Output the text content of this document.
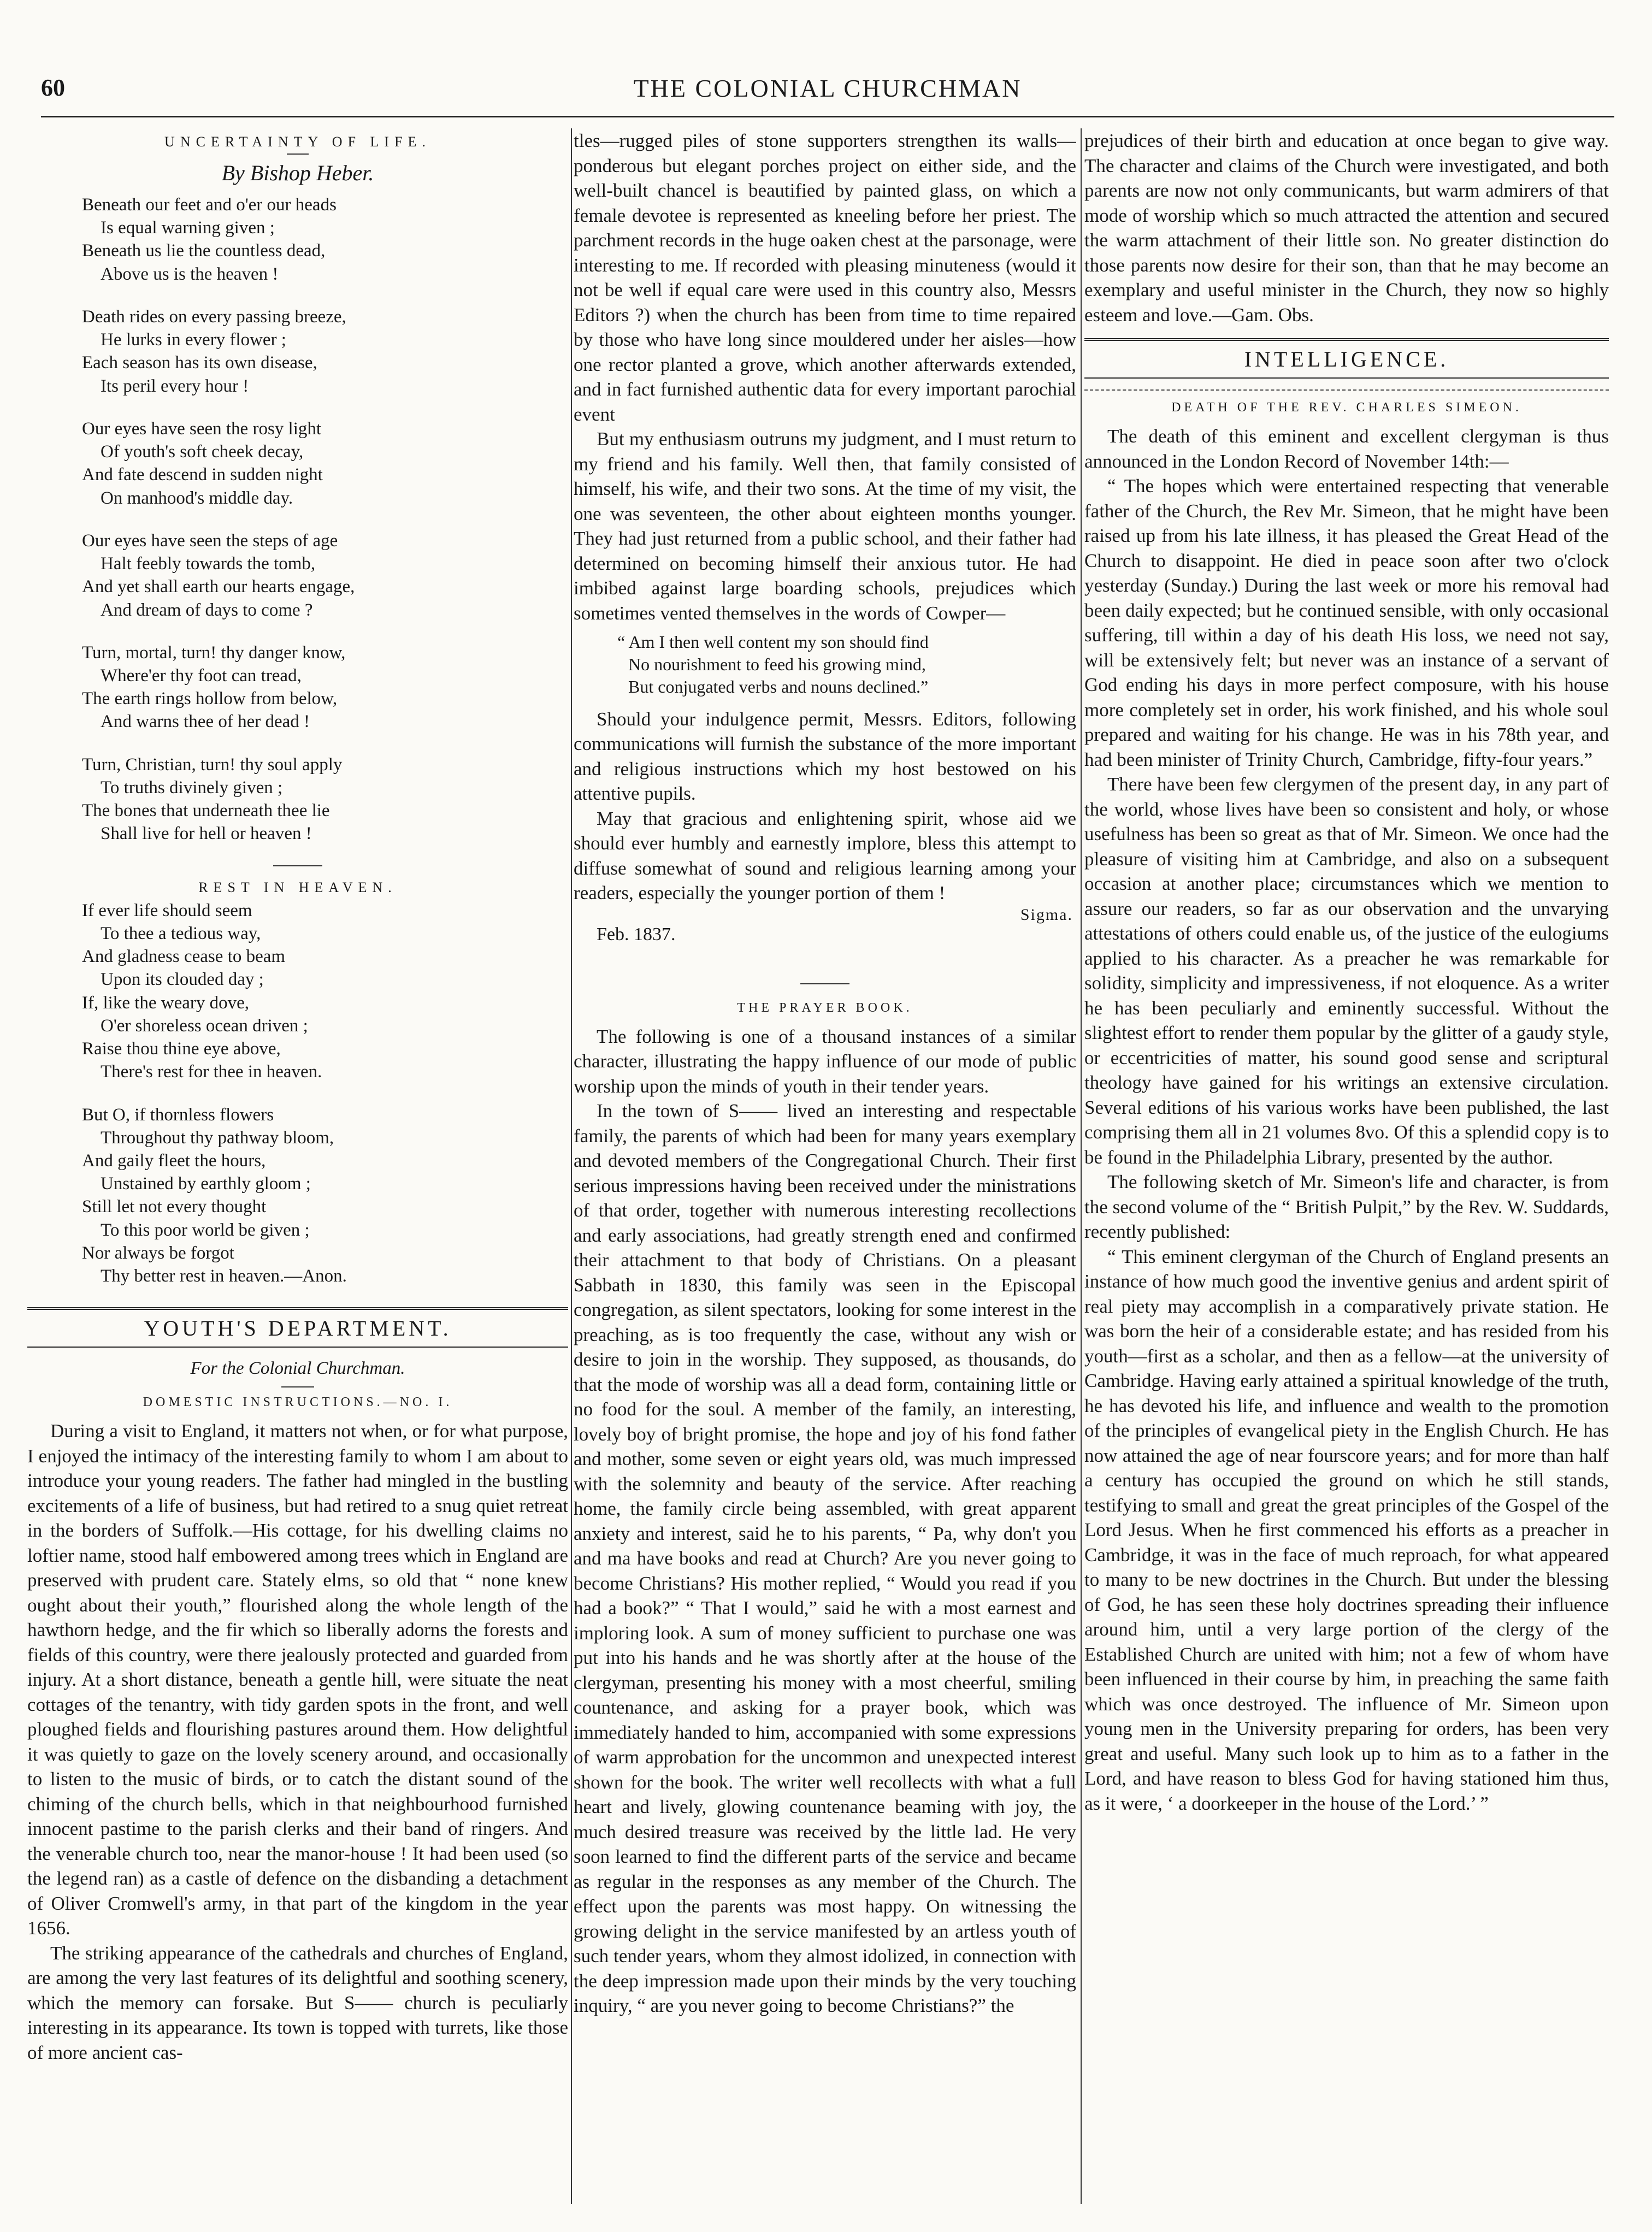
60	THE COLONIAL CHURCHMAN
UNCERTAINTY OF LIFE.
By Bishop Heber.
Beneath our feet and o'er our heads
Is equal warning given ;
Beneath us lie the countless dead,
Above us is the heaven !
Death rides on every passing breeze,
He lurks in every flower ;
Each season has its own disease,
Its peril every hour !
Our eyes have seen the rosy light
Of youth's soft cheek decay,
And fate descend in sudden night
On manhood's middle day.
Our eyes have seen the steps of age
Halt feebly towards the tomb,
And yet shall earth our hearts engage,
And dream of days to come ?
Turn, mortal, turn! thy danger know,
Where'er thy foot can tread,
The earth rings hollow from below,
And warns thee of her dead !
Turn, Christian, turn! thy soul apply
To truths divinely given ;
The bones that underneath thee lie
Shall live for hell or heaven !
REST IN HEAVEN.
If ever life should seem
To thee a tedious way,
And gladness cease to beam
Upon its clouded day ;
If, like the weary dove,
O'er shoreless ocean driven ;
Raise thou thine eye above,
There's rest for thee in heaven.
But O, if thornless flowers
Throughout thy pathway bloom,
And gaily fleet the hours,
Unstained by earthly gloom ;
Still let not every thought
To this poor world be given ;
Nor always be forgot
Thy better rest in heaven.—Anon.
YOUTH'S DEPARTMENT.
For the Colonial Churchman.
DOMESTIC INSTRUCTIONS.—NO. I.

During a visit to England, it matters not when, or for what purpose, I enjoyed the intimacy of the interesting family to whom I am about to introduce your young readers. The father had mingled in the bustling excitements of a life of business, but had retired to a snug quiet retreat in the borders of Suffolk.—His cottage, for his dwelling claims no loftier name, stood half embowered among trees which in England are preserved with prudent care. Stately elms, so old that “ none knew ought about their youth,” flourished along the whole length of the hawthorn hedge, and the fir which so liberally adorns the forests and fields of this country, were there jealously protected and guarded from injury. At a short distance, beneath a gentle hill, were situate the neat cottages of the tenantry, with tidy garden spots in the front, and well ploughed fields and flourishing pastures around them. How delightful it was quietly to gaze on the lovely scenery around, and occasionally to listen to the music of birds, or to catch the distant sound of the chiming of the church bells, which in that neighbourhood furnished innocent pastime to the parish clerks and their band of ringers. And the venerable church too, near the manor-house ! It had been used (so the legend ran) as a castle of defence on the disbanding a detachment of Oliver Cromwell's army, in that part of the kingdom in the year 1656.

The striking appearance of the cathedrals and churches of England, are among the very last features of its delightful and soothing scenery, which the memory can forsake. But S—— church is peculiarly interesting in its appearance. Its town is topped with turrets, like those of more ancient cas-

tles—rugged piles of stone supporters strengthen its walls—ponderous but elegant porches project on either side, and the well-built chancel is beautified by painted glass, on which a female devotee is represented as kneeling before her priest. The parchment records in the huge oaken chest at the parsonage, were interesting to me. If recorded with pleasing minuteness (would it not be well if equal care were used in this country also, Messrs Editors ?) when the church has been from time to time repaired by those who have long since mouldered under her aisles—how one rector planted a grove, which another afterwards extended, and in fact furnished authentic data for every important parochial event

But my enthusiasm outruns my judgment, and I must return to my friend and his family. Well then, that family consisted of himself, his wife, and their two sons. At the time of my visit, the one was seventeen, the other about eighteen months younger. They had just returned from a public school, and their father had determined on becoming himself their anxious tutor. He had imbibed against large boarding schools, prejudices which sometimes vented themselves in the words of Cowper—

“ Am I then well content my son should find
No nourishment to feed his growing mind,
But conjugated verbs and nouns declined.”

Should your indulgence permit, Messrs. Editors, following communications will furnish the substance of the more important and religious instructions which my host bestowed on his attentive pupils.

May that gracious and enlightening spirit, whose aid we should ever humbly and earnestly implore, bless this attempt to diffuse somewhat of sound and religious learning among your readers, especially the younger portion of them !

Sigma.
Feb. 1837.
THE PRAYER BOOK.

The following is one of a thousand instances of a similar character, illustrating the happy influence of our mode of public worship upon the minds of youth in their tender years.

In the town of S—— lived an interesting and respectable family, the parents of which had been for many years exemplary and devoted members of the Congregational Church. Their first serious impressions having been received under the ministrations of that order, together with numerous interesting recollections and early associations, had greatly strength ened and confirmed their attachment to that body of Christians. On a pleasant Sabbath in 1830, this family was seen in the Episcopal congregation, as silent spectators, looking for some interest in the preaching, as is too frequently the case, without any wish or desire to join in the worship. They supposed, as thousands, do that the mode of worship was all a dead form, containing little or no food for the soul. A member of the family, an interesting, lovely boy of bright promise, the hope and joy of his fond father and mother, some seven or eight years old, was much impressed with the solemnity and beauty of the service. After reaching home, the family circle being assembled, with great apparent anxiety and interest, said he to his parents, “ Pa, why don't you and ma have books and read at Church? Are you never going to become Christians? His mother replied, “ Would you read if you had a book?” “ That I would,” said he with a most earnest and imploring look. A sum of money sufficient to purchase one was put into his hands and he was shortly after at the house of the clergyman, presenting his money with a most cheerful, smiling countenance, and asking for a prayer book, which was immediately handed to him, accompanied with some expressions of warm approbation for the uncommon and unexpected interest shown for the book. The writer well recollects with what a full heart and lively, glowing countenance beaming with joy, the much desired treasure was received by the little lad. He very soon learned to find the different parts of the service and became as regular in the responses as any member of the Church. The effect upon the parents was most happy. On witnessing the growing delight in the service manifested by an artless youth of such tender years, whom they almost idolized, in connection with the deep impression made upon their minds by the very touching inquiry, “ are you never going to become Christians?” the

prejudices of their birth and education at once began to give way. The character and claims of the Church were investigated, and both parents are now not only communicants, but warm admirers of that mode of worship which so much attracted the attention and secured the warm attachment of their little son. No greater distinction do those parents now desire for their son, than that he may become an exemplary and useful minister in the Church, they now so highly esteem and love.—Gam. Obs.

INTELLIGENCE.
DEATH OF THE REV. CHARLES SIMEON.

The death of this eminent and excellent clergyman is thus announced in the London Record of November 14th:—

“ The hopes which were entertained respecting that venerable father of the Church, the Rev Mr. Simeon, that he might have been raised up from his late illness, it has pleased the Great Head of the Church to disappoint. He died in peace soon after two o'clock yesterday (Sunday.) During the last week or more his removal had been daily expected; but he continued sensible, with only occasional suffering, till within a day of his death His loss, we need not say, will be extensively felt; but never was an instance of a servant of God ending his days in more perfect composure, with his house more completely set in order, his work finished, and his whole soul prepared and waiting for his change. He was in his 78th year, and had been minister of Trinity Church, Cambridge, fifty-four years.”

There have been few clergymen of the present day, in any part of the world, whose lives have been so consistent and holy, or whose usefulness has been so great as that of Mr. Simeon. We once had the pleasure of visiting him at Cambridge, and also on a subsequent occasion at another place; circumstances which we mention to assure our readers, so far as our observation and the unvarying attestations of others could enable us, of the justice of the eulogiums applied to his character. As a preacher he was remarkable for solidity, simplicity and impressiveness, if not eloquence. As a writer he has been peculiarly and eminently successful. Without the slightest effort to render them popular by the glitter of a gaudy style, or eccentricities of matter, his sound good sense and scriptural theology have gained for his writings an extensive circulation. Several editions of his various works have been published, the last comprising them all in 21 volumes 8vo. Of this a splendid copy is to be found in the Philadelphia Library, presented by the author.

The following sketch of Mr. Simeon's life and character, is from the second volume of the “ British Pulpit,” by the Rev. W. Suddards, recently published:

“ This eminent clergyman of the Church of England presents an instance of how much good the inventive genius and ardent spirit of real piety may accomplish in a comparatively private station. He was born the heir of a considerable estate; and has resided from his youth—first as a scholar, and then as a fellow—at the university of Cambridge. Having early attained a spiritual knowledge of the truth, he has devoted his life, and influence and wealth to the promotion of the principles of evangelical piety in the English Church. He has now attained the age of near fourscore years; and for more than half a century has occupied the ground on which he still stands, testifying to small and great the great principles of the Gospel of the Lord Jesus. When he first commenced his efforts as a preacher in Cambridge, it was in the face of much reproach, for what appeared to many to be new doctrines in the Church. But under the blessing of God, he has seen these holy doctrines spreading their influence around him, until a very large portion of the clergy of the Established Church are united with him; not a few of whom have been influenced in their course by him, in preaching the same faith which was once destroyed. The influence of Mr. Simeon upon young men in the University preparing for orders, has been very great and useful. Many such look up to him as to a father in the Lord, and have reason to bless God for having stationed him thus, as it were, ‘ a doorkeeper in the house of the Lord.’ ”
